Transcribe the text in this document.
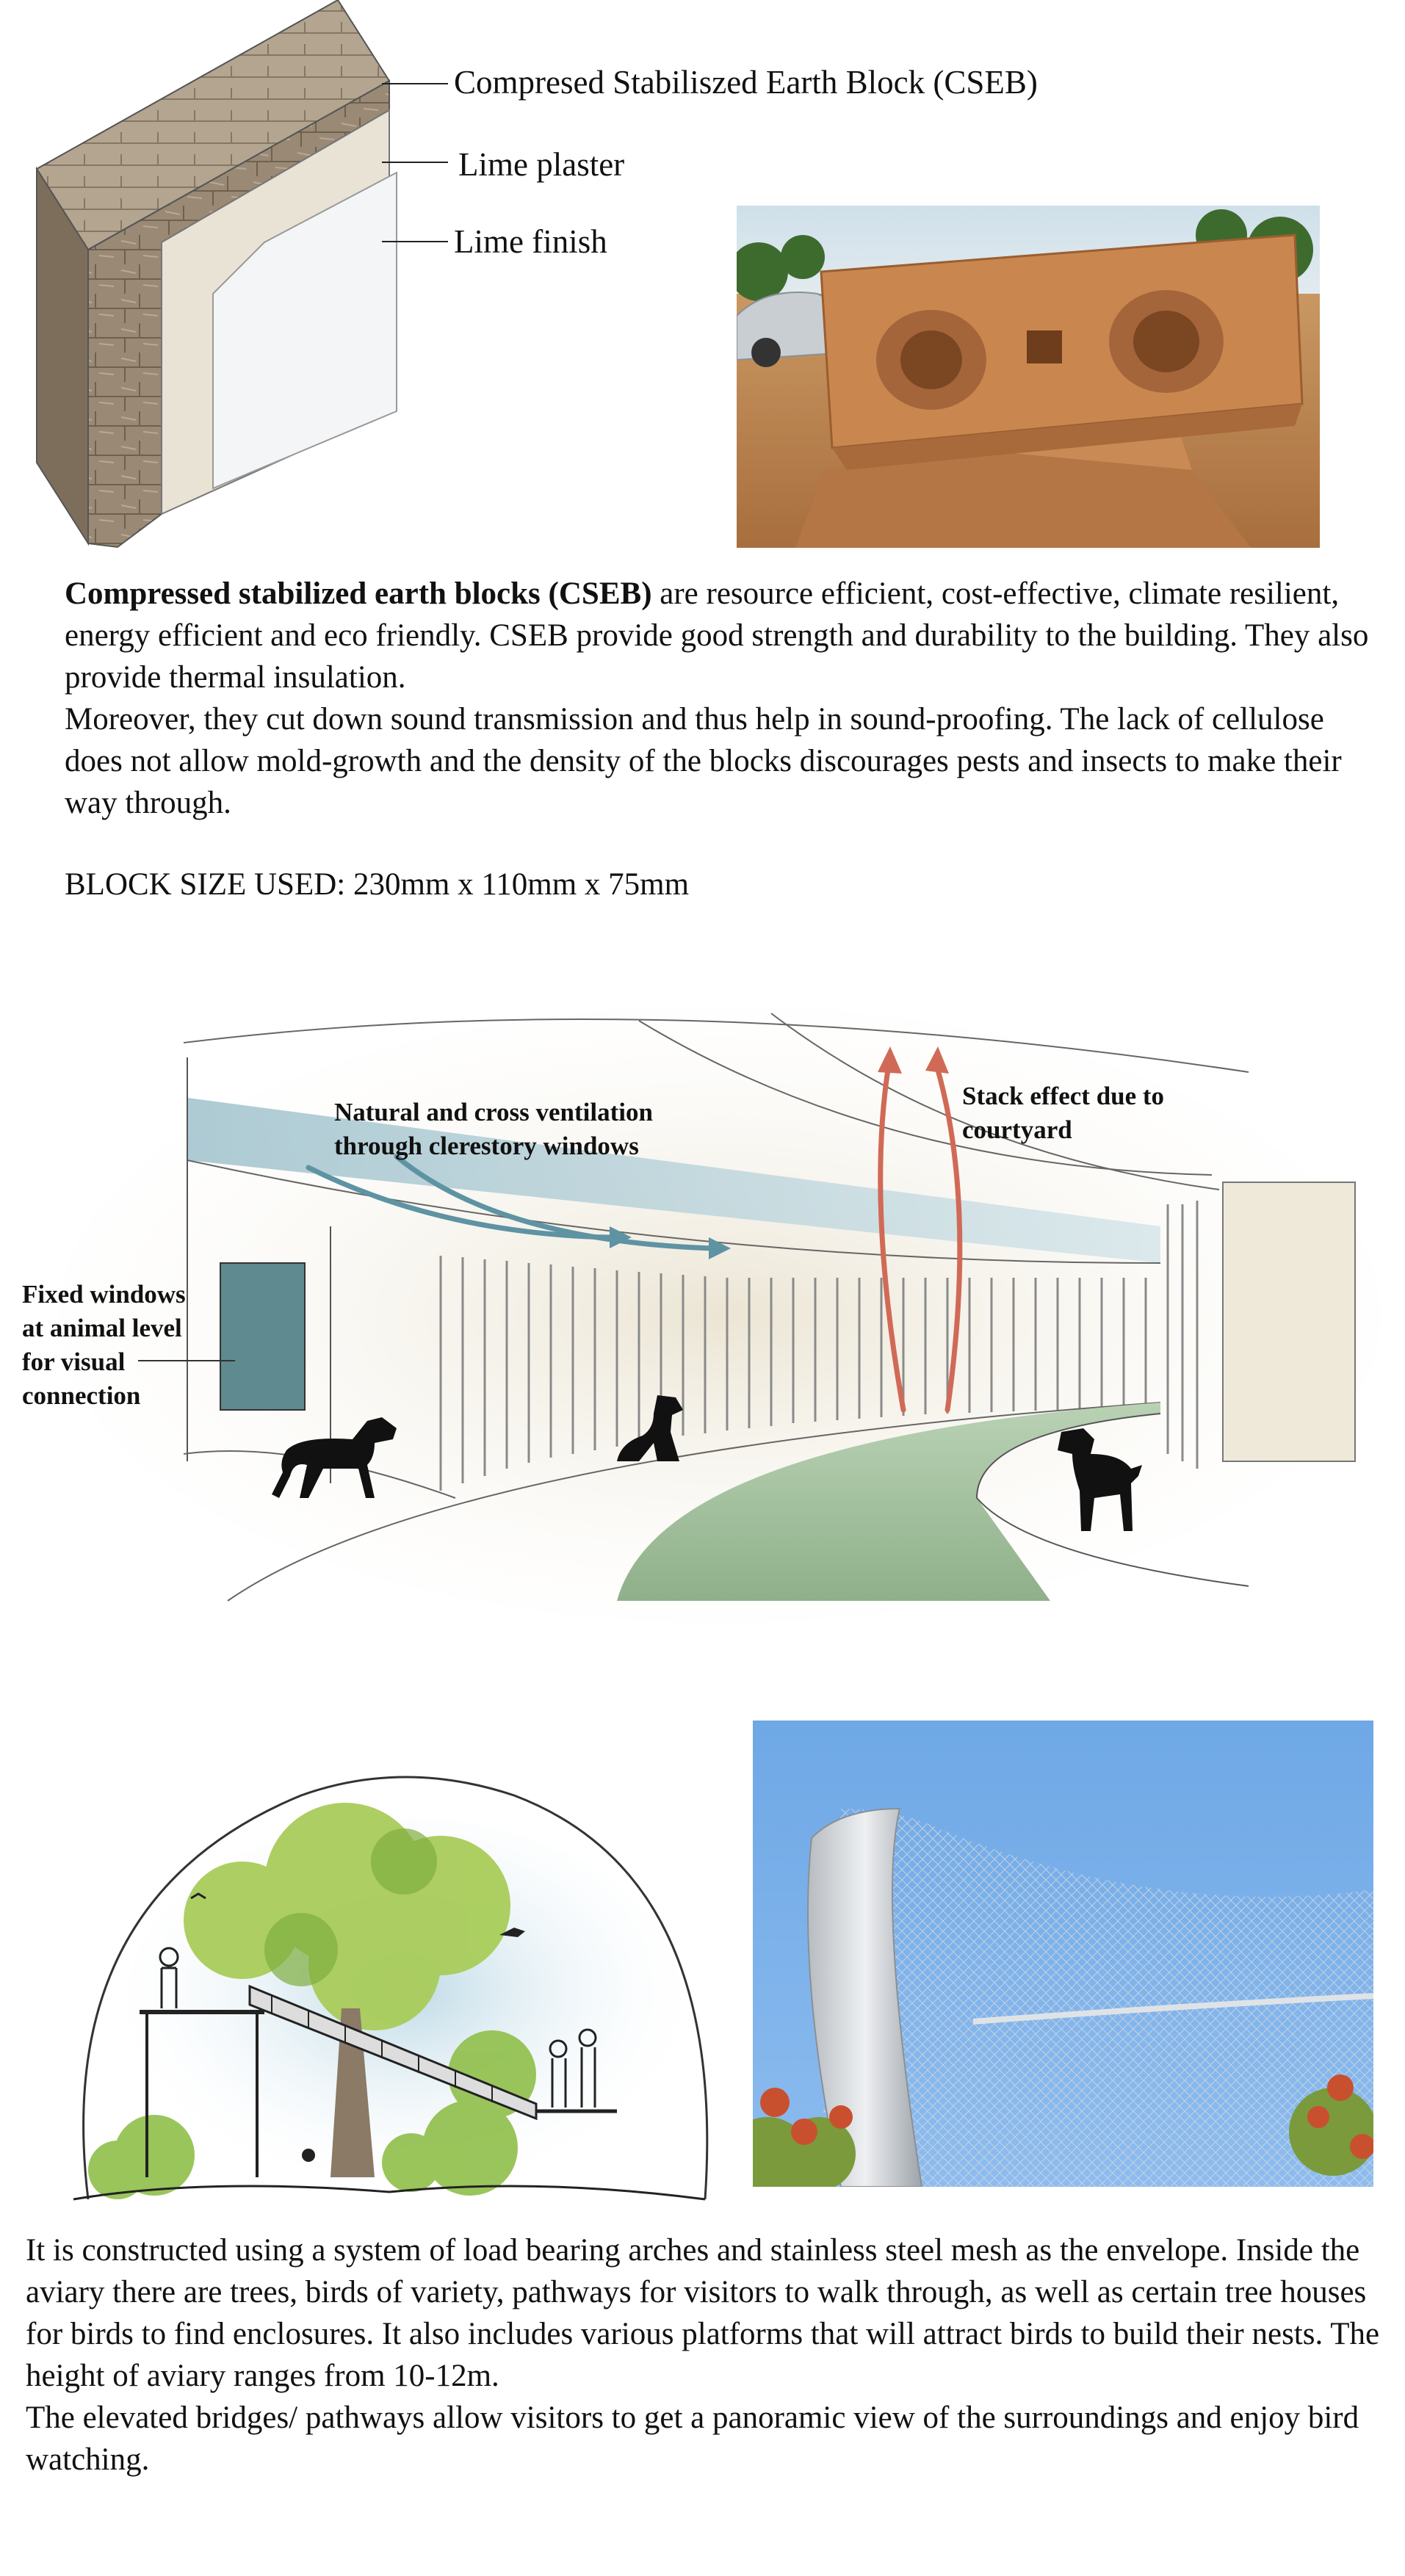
Compresed Stabiliszed Earth Block (CSEB)
Lime plaster
Lime finish

Compressed stabilized earth blocks (CSEB) are resource efficient, cost-effective, climate resilient, energy efficient and eco friendly. CSEB provide good strength and durability to the building. They also provide thermal insulation.

Moreover, they cut down sound transmission and thus help in sound-proofing. The lack of cellulose does not allow mold-growth and the density of the blocks discourages pests and insects to make their way through.

BLOCK SIZE USED: 230mm x 110mm x 75mm
Natural and cross ventilation through clerestory windows
Stack effect due to courtyard
Fixed windows at animal level for visual connection

It is constructed using a system of load bearing arches and stainless steel mesh as the envelope. Inside the aviary there are trees, birds of variety, pathways for visitors to walk through, as well as certain tree houses for birds to find enclosures. It also includes various platforms that will attract birds to build their nests. The height of aviary ranges from 10-12m.

The elevated bridges/ pathways allow visitors to get a panoramic view of the surroundings and enjoy bird watching.
